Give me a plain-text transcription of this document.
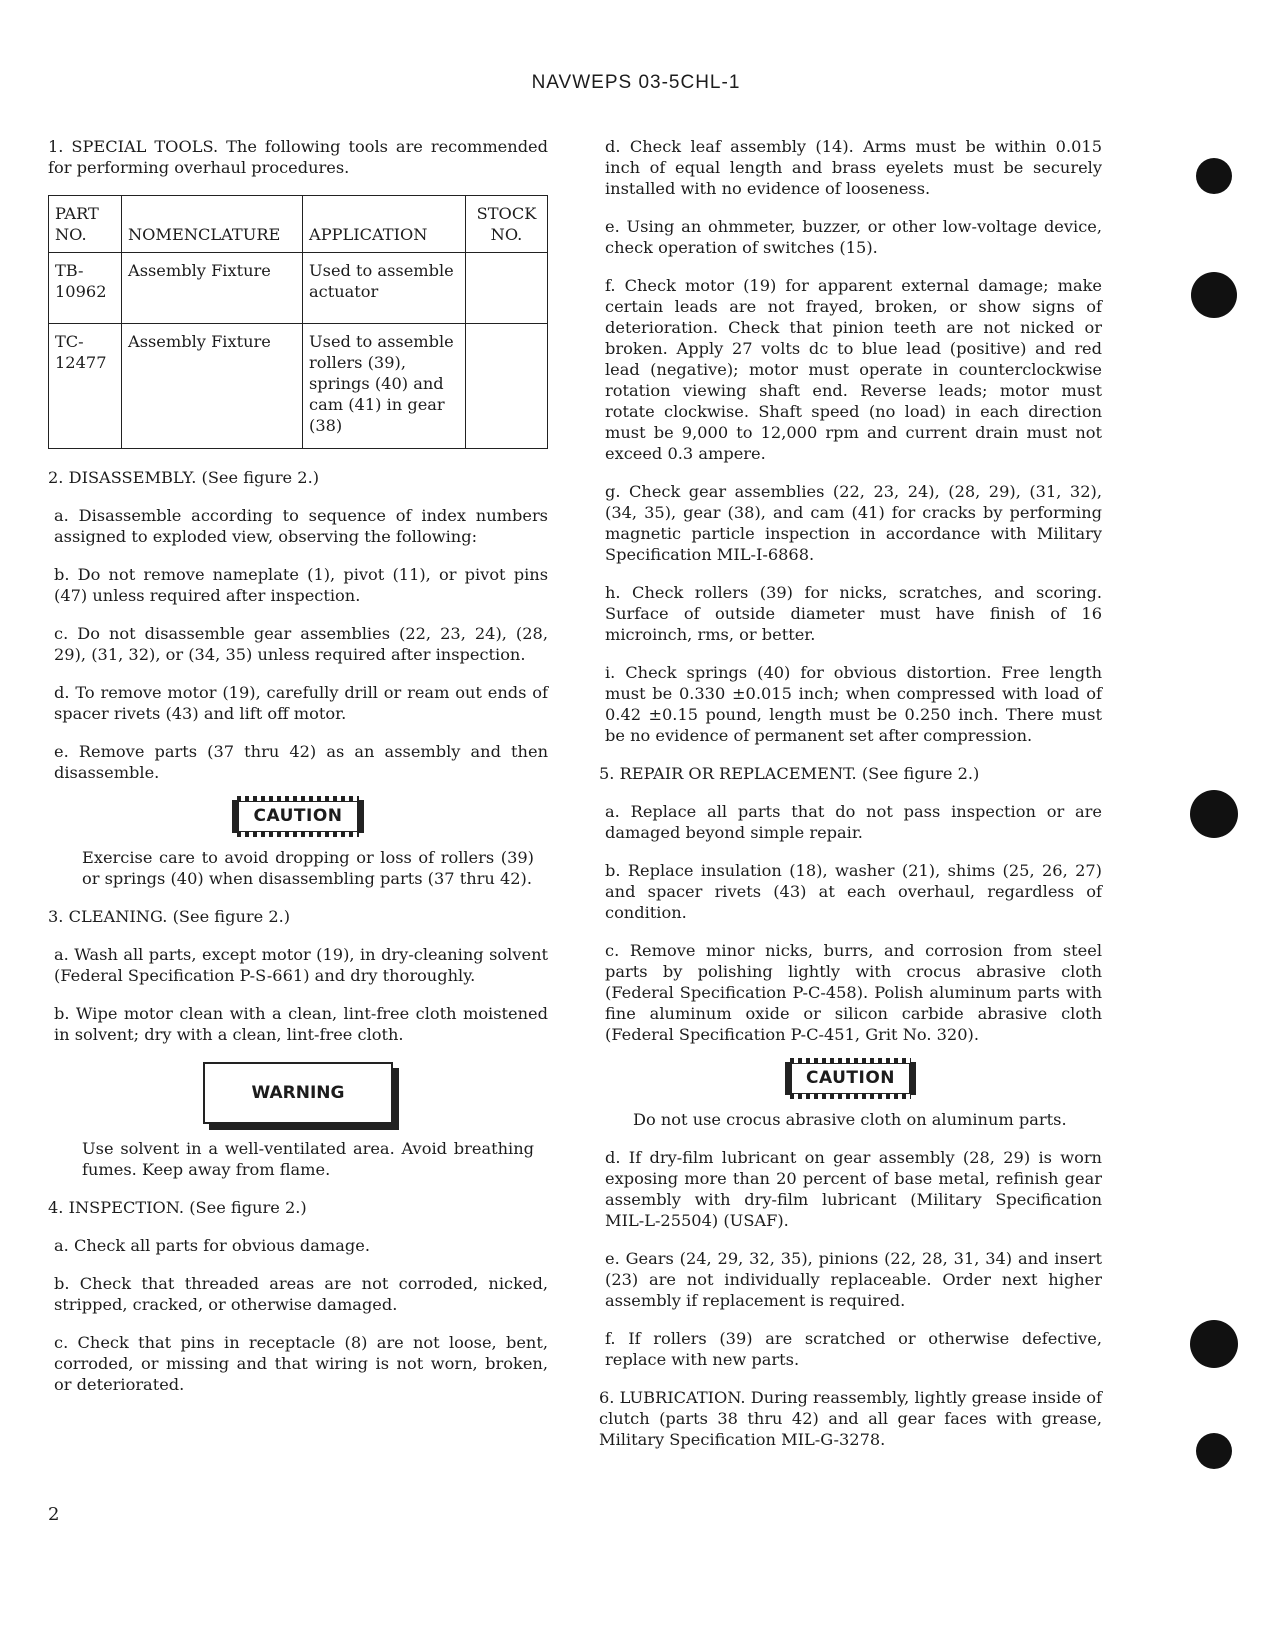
NAVWEPS 03-5CHL-1

1. SPECIAL TOOLS. The following tools are recommended for performing overhaul procedures.

PART NO.	NOMENCLATURE	APPLICATION	STOCK NO.
TB-10962	Assembly Fixture	Used to assemble actuator	
TC-12477	Assembly Fixture	Used to assemble rollers (39), springs (40) and cam (41) in gear (38)	

2. DISASSEMBLY. (See figure 2.)

a. Disassemble according to sequence of index numbers assigned to exploded view, observing the following:

b. Do not remove nameplate (1), pivot (11), or pivot pins (47) unless required after inspection.

c. Do not disassemble gear assemblies (22, 23, 24), (28, 29), (31, 32), or (34, 35) unless required after inspection.

d. To remove motor (19), carefully drill or ream out ends of spacer rivets (43) and lift off motor.

e. Remove parts (37 thru 42) as an assembly and then disassemble.

CAUTION

Exercise care to avoid dropping or loss of rollers (39) or springs (40) when disassembling parts (37 thru 42).

3. CLEANING. (See figure 2.)

a. Wash all parts, except motor (19), in dry-cleaning solvent (Federal Specification P-S-661) and dry thoroughly.

b. Wipe motor clean with a clean, lint-free cloth moistened in solvent; dry with a clean, lint-free cloth.

WARNING

Use solvent in a well-ventilated area. Avoid breathing fumes. Keep away from flame.

4. INSPECTION. (See figure 2.)

a. Check all parts for obvious damage.

b. Check that threaded areas are not corroded, nicked, stripped, cracked, or otherwise damaged.

c. Check that pins in receptacle (8) are not loose, bent, corroded, or missing and that wiring is not worn, broken, or deteriorated.

d. Check leaf assembly (14). Arms must be within 0.015 inch of equal length and brass eyelets must be securely installed with no evidence of looseness.

e. Using an ohmmeter, buzzer, or other low-voltage device, check operation of switches (15).

f. Check motor (19) for apparent external damage; make certain leads are not frayed, broken, or show signs of deterioration. Check that pinion teeth are not nicked or broken. Apply 27 volts dc to blue lead (positive) and red lead (negative); motor must operate in counterclockwise rotation viewing shaft end. Reverse leads; motor must rotate clockwise. Shaft speed (no load) in each direction must be 9,000 to 12,000 rpm and current drain must not exceed 0.3 ampere.

g. Check gear assemblies (22, 23, 24), (28, 29), (31, 32), (34, 35), gear (38), and cam (41) for cracks by performing magnetic particle inspection in accordance with Military Specification MIL-I-6868.

h. Check rollers (39) for nicks, scratches, and scoring. Surface of outside diameter must have finish of 16 microinch, rms, or better.

i. Check springs (40) for obvious distortion. Free length must be 0.330 ±0.015 inch; when compressed with load of 0.42 ±0.15 pound, length must be 0.250 inch. There must be no evidence of permanent set after compression.

5. REPAIR OR REPLACEMENT. (See figure 2.)

a. Replace all parts that do not pass inspection or are damaged beyond simple repair.

b. Replace insulation (18), washer (21), shims (25, 26, 27) and spacer rivets (43) at each overhaul, regardless of condition.

c. Remove minor nicks, burrs, and corrosion from steel parts by polishing lightly with crocus abrasive cloth (Federal Specification P-C-458). Polish aluminum parts with fine aluminum oxide or silicon carbide abrasive cloth (Federal Specification P-C-451, Grit No. 320).

CAUTION

Do not use crocus abrasive cloth on aluminum parts.

d. If dry-film lubricant on gear assembly (28, 29) is worn exposing more than 20 percent of base metal, refinish gear assembly with dry-film lubricant (Military Specification MIL-L-25504) (USAF).

e. Gears (24, 29, 32, 35), pinions (22, 28, 31, 34) and insert (23) are not individually replaceable. Order next higher assembly if replacement is required.

f. If rollers (39) are scratched or otherwise defective, replace with new parts.

6. LUBRICATION. During reassembly, lightly grease inside of clutch (parts 38 thru 42) and all gear faces with grease, Military Specification MIL-G-3278.

2
